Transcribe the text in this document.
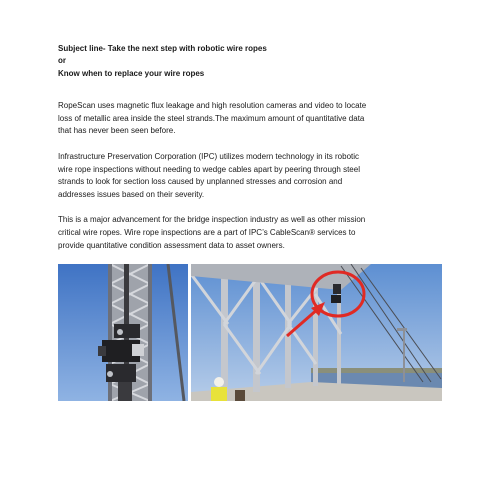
Subject line- Take the next step with robotic wire ropes

or

Know when to replace your wire ropes

RopeScan uses magnetic flux leakage and high resolution cameras and video to locate

loss of metallic area inside the steel strands.The maximum amount of quantitative data

that has never been seen before.

Infrastructure Preservation Corporation (IPC) utilizes modern technology in its robotic

wire rope inspections without needing to wedge cables apart by peering through steel

strands to look for section loss caused by unplanned stresses and corrosion and

addresses issues based on their severity.

This is a major advancement for the bridge inspection industry as well as other mission

critical wire ropes. Wire rope inspections are a part of IPC’s CableScan® services to

provide quantitative condition assessment data to asset owners.
